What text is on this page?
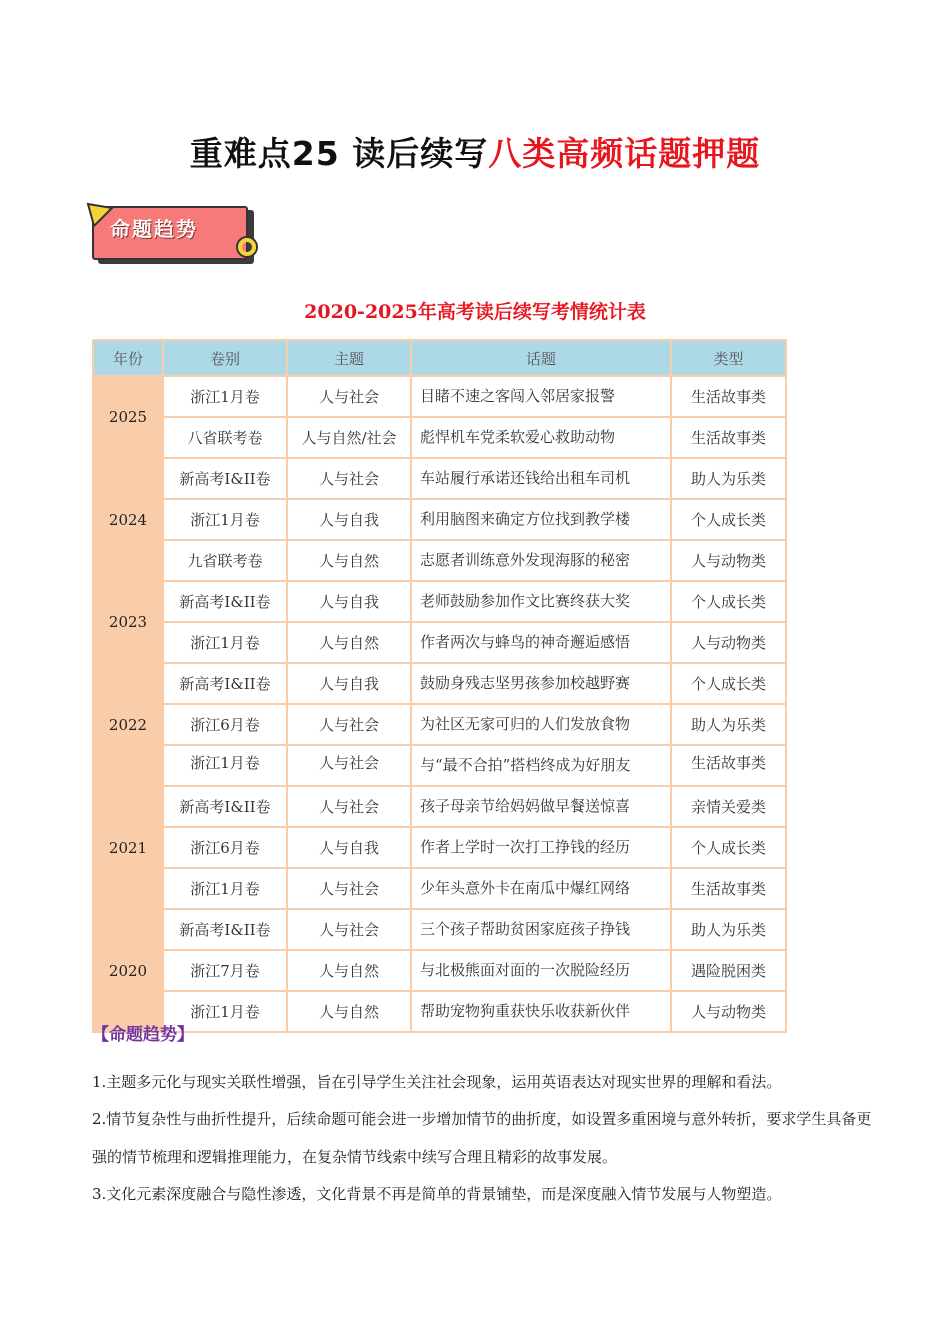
重难点25 读后续写八类高频话题押题
命题趋势
2020-2025年高考读后续写考情统计表
年份	卷别	主题	话题	类型
2025	浙江1月卷	人与社会	目睹不速之客闯入邻居家报警	生活故事类
	八省联考卷	人与自然/社会	彪悍机车党柔软爱心救助动物	生活故事类
2024	新高考I&II卷	人与社会	车站履行承诺还钱给出租车司机	助人为乐类
	浙江1月卷	人与自我	利用脑图来确定方位找到教学楼	个人成长类
	九省联考卷	人与自然	志愿者训练意外发现海豚的秘密	人与动物类
2023	新高考I&II卷	人与自我	老师鼓励参加作文比赛终获大奖	个人成长类
	浙江1月卷	人与自然	作者两次与蜂鸟的神奇邂逅感悟	人与动物类
2022	新高考I&II卷	人与自我	鼓励身残志坚男孩参加校越野赛	个人成长类
	浙江6月卷	人与社会	为社区无家可归的人们发放食物	助人为乐类
	浙江1月卷	人与社会	与“最不合拍”搭档终成为好朋友	生活故事类
2021	新高考I&II卷	人与社会	孩子母亲节给妈妈做早餐送惊喜	亲情关爱类
	浙江6月卷	人与自我	作者上学时一次打工挣钱的经历	个人成长类
	浙江1月卷	人与社会	少年头意外卡在南瓜中爆红网络	生活故事类
2020	新高考I&II卷	人与社会	三个孩子帮助贫困家庭孩子挣钱	助人为乐类
	浙江7月卷	人与自然	与北极熊面对面的一次脱险经历	遇险脱困类
	浙江1月卷	人与自然	帮助宠物狗重获快乐收获新伙伴	人与动物类
【命题趋势】
1.主题多元化与现实关联性增强，旨在引导学生关注社会现象，运用英语表达对现实世界的理解和看法。
2.情节复杂性与曲折性提升，后续命题可能会进一步增加情节的曲折度，如设置多重困境与意外转折，要求学生具备更强的情节梳理和逻辑推理能力，在复杂情节线索中续写合理且精彩的故事发展。
3.文化元素深度融合与隐性渗透，文化背景不再是简单的背景铺垫，而是深度融入情节发展与人物塑造。
